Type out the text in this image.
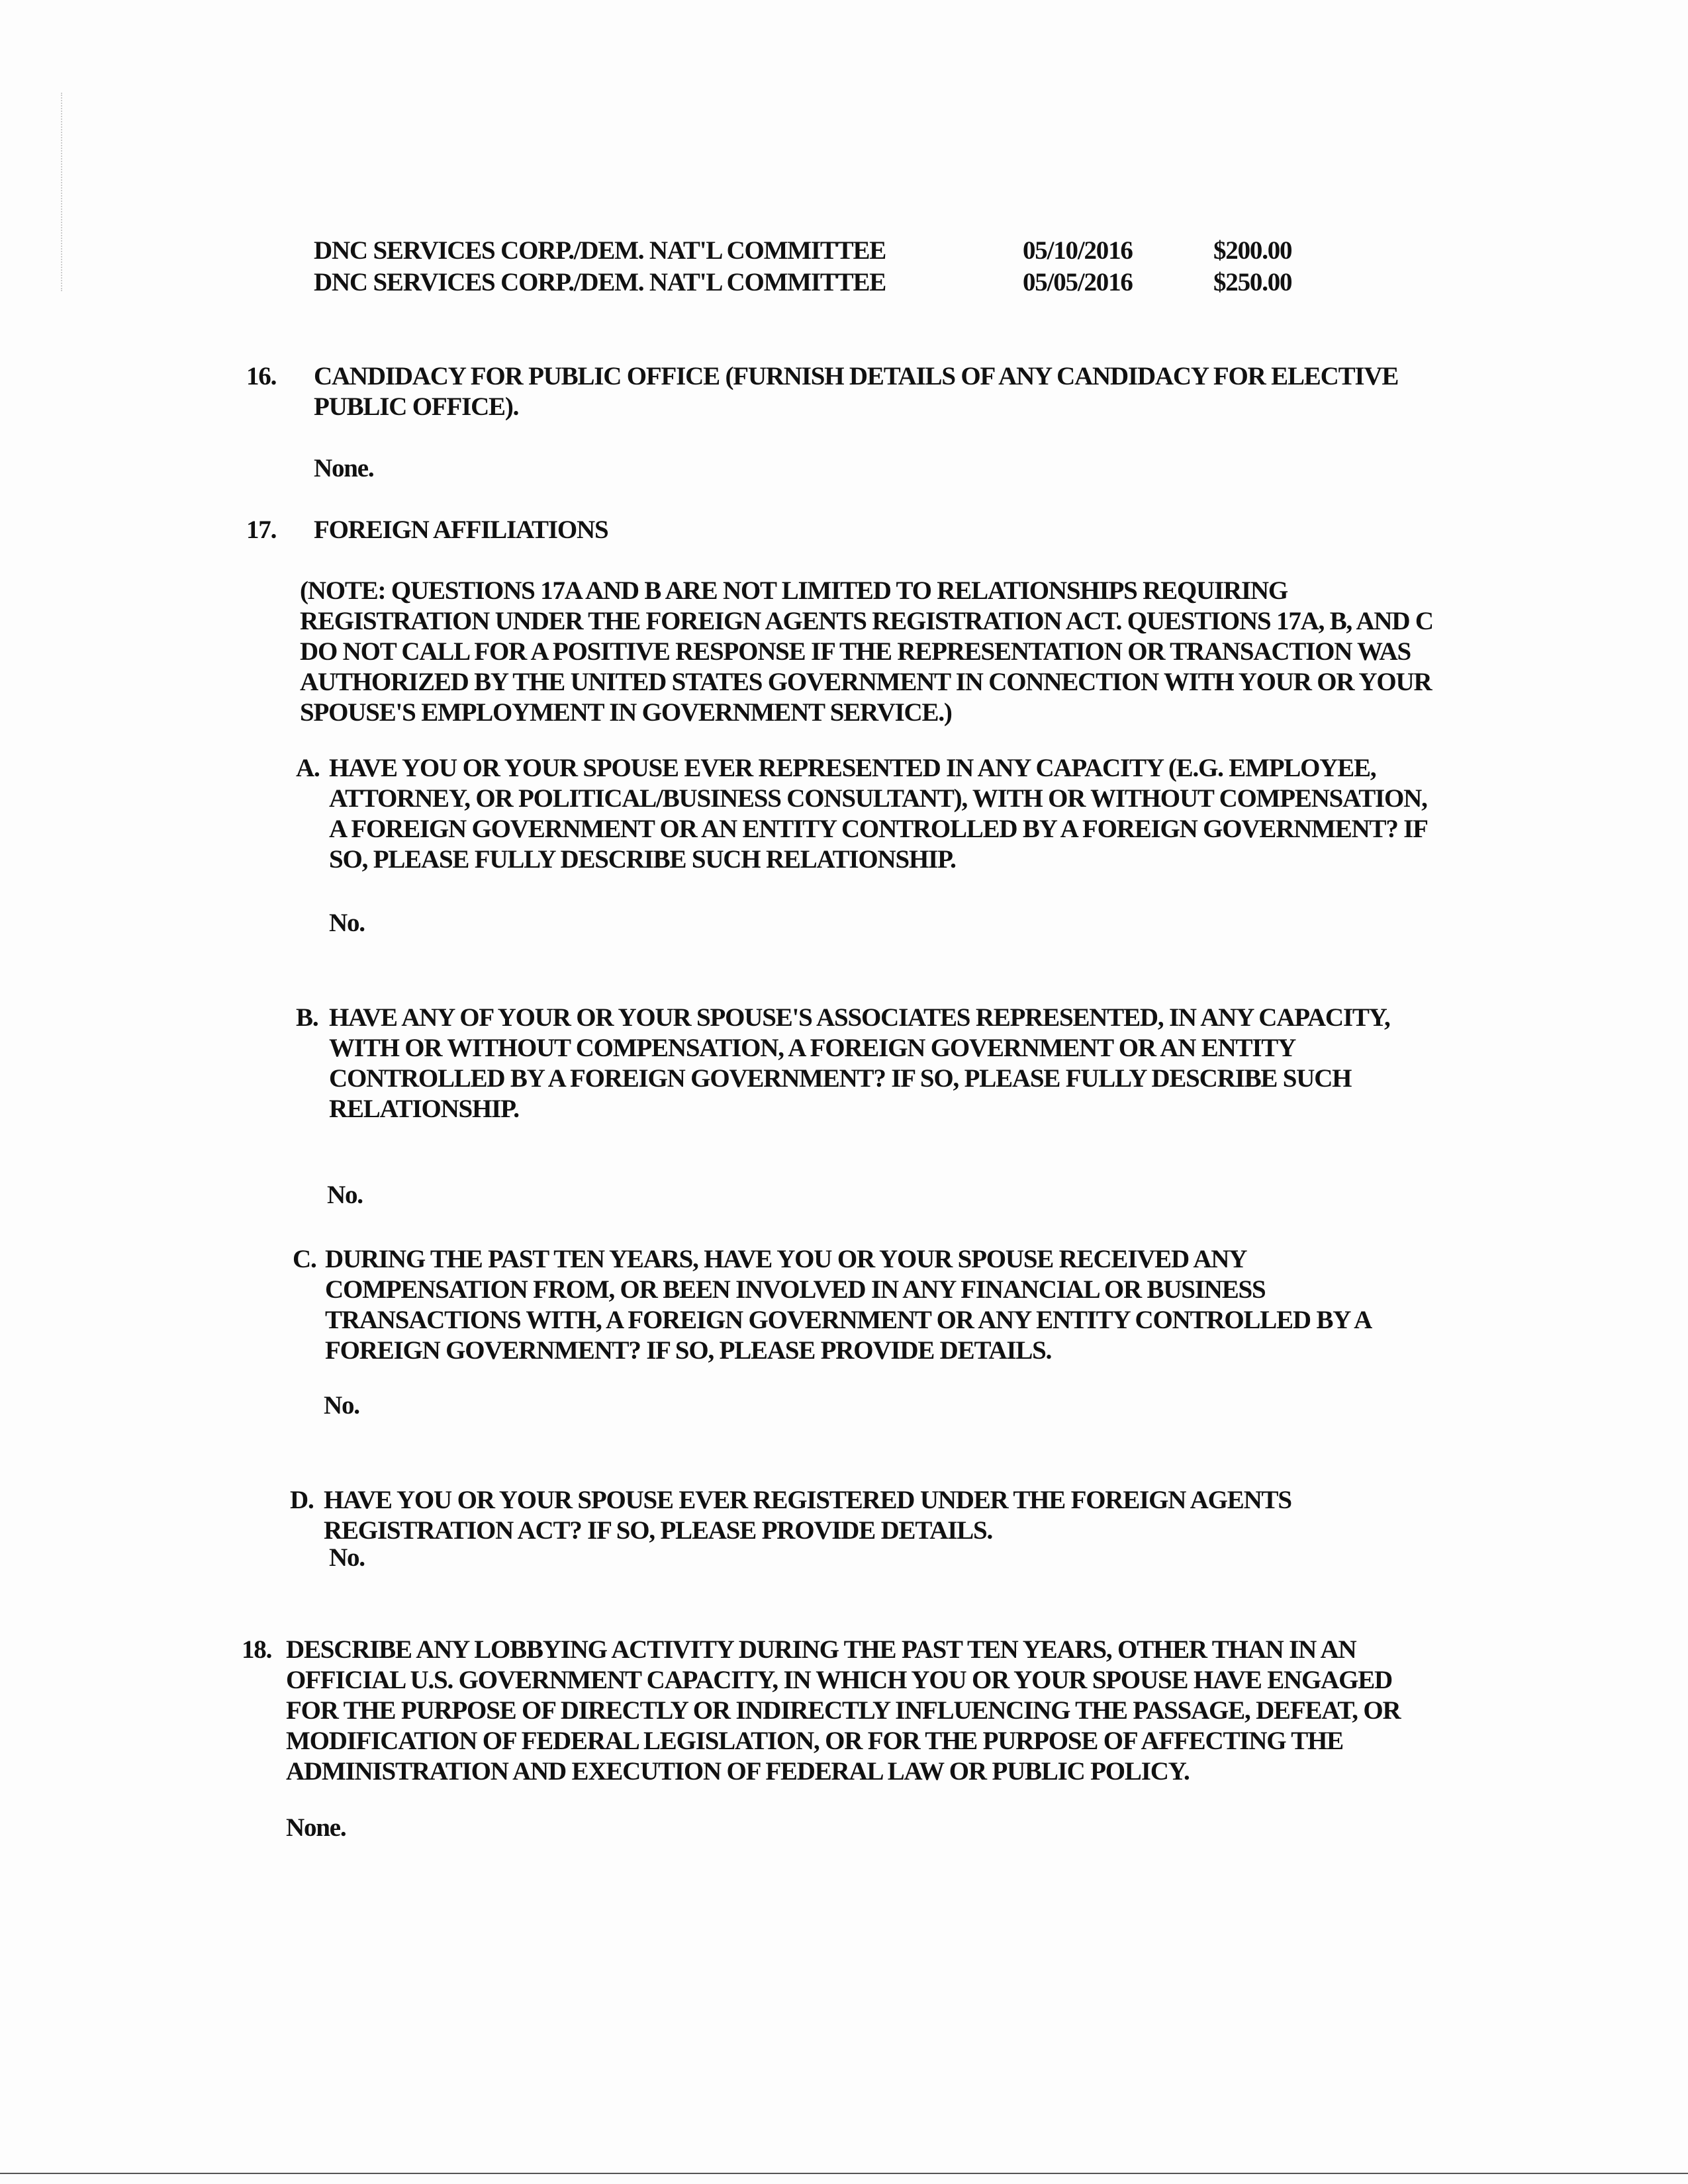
DNC SERVICES CORP./DEM. NAT'L COMMITTEE	05/10/2016	$200.00
DNC SERVICES CORP./DEM. NAT'L COMMITTEE	05/05/2016	$250.00
16. CANDIDACY FOR PUBLIC OFFICE (FURNISH DETAILS OF ANY CANDIDACY FOR ELECTIVE
PUBLIC OFFICE).
None.
17. FOREIGN AFFILIATIONS
(NOTE: QUESTIONS 17A AND B ARE NOT LIMITED TO RELATIONSHIPS REQUIRING
REGISTRATION UNDER THE FOREIGN AGENTS REGISTRATION ACT. QUESTIONS 17A, B, AND C
DO NOT CALL FOR A POSITIVE RESPONSE IF THE REPRESENTATION OR TRANSACTION WAS
AUTHORIZED BY THE UNITED STATES GOVERNMENT IN CONNECTION WITH YOUR OR YOUR
SPOUSE'S EMPLOYMENT IN GOVERNMENT SERVICE.)
A. HAVE YOU OR YOUR SPOUSE EVER REPRESENTED IN ANY CAPACITY (E.G. EMPLOYEE,
ATTORNEY, OR POLITICAL/BUSINESS CONSULTANT), WITH OR WITHOUT COMPENSATION,
A FOREIGN GOVERNMENT OR AN ENTITY CONTROLLED BY A FOREIGN GOVERNMENT? IF
SO, PLEASE FULLY DESCRIBE SUCH RELATIONSHIP.
No.
B. HAVE ANY OF YOUR OR YOUR SPOUSE'S ASSOCIATES REPRESENTED, IN ANY CAPACITY,
WITH OR WITHOUT COMPENSATION, A FOREIGN GOVERNMENT OR AN ENTITY
CONTROLLED BY A FOREIGN GOVERNMENT? IF SO, PLEASE FULLY DESCRIBE SUCH
RELATIONSHIP.
No.
C. DURING THE PAST TEN YEARS, HAVE YOU OR YOUR SPOUSE RECEIVED ANY
COMPENSATION FROM, OR BEEN INVOLVED IN ANY FINANCIAL OR BUSINESS
TRANSACTIONS WITH, A FOREIGN GOVERNMENT OR ANY ENTITY CONTROLLED BY A
FOREIGN GOVERNMENT? IF SO, PLEASE PROVIDE DETAILS.
No.
D. HAVE YOU OR YOUR SPOUSE EVER REGISTERED UNDER THE FOREIGN AGENTS
REGISTRATION ACT? IF SO, PLEASE PROVIDE DETAILS.
No.
18. DESCRIBE ANY LOBBYING ACTIVITY DURING THE PAST TEN YEARS, OTHER THAN IN AN
OFFICIAL U.S. GOVERNMENT CAPACITY, IN WHICH YOU OR YOUR SPOUSE HAVE ENGAGED
FOR THE PURPOSE OF DIRECTLY OR INDIRECTLY INFLUENCING THE PASSAGE, DEFEAT, OR
MODIFICATION OF FEDERAL LEGISLATION, OR FOR THE PURPOSE OF AFFECTING THE
ADMINISTRATION AND EXECUTION OF FEDERAL LAW OR PUBLIC POLICY.
None.
